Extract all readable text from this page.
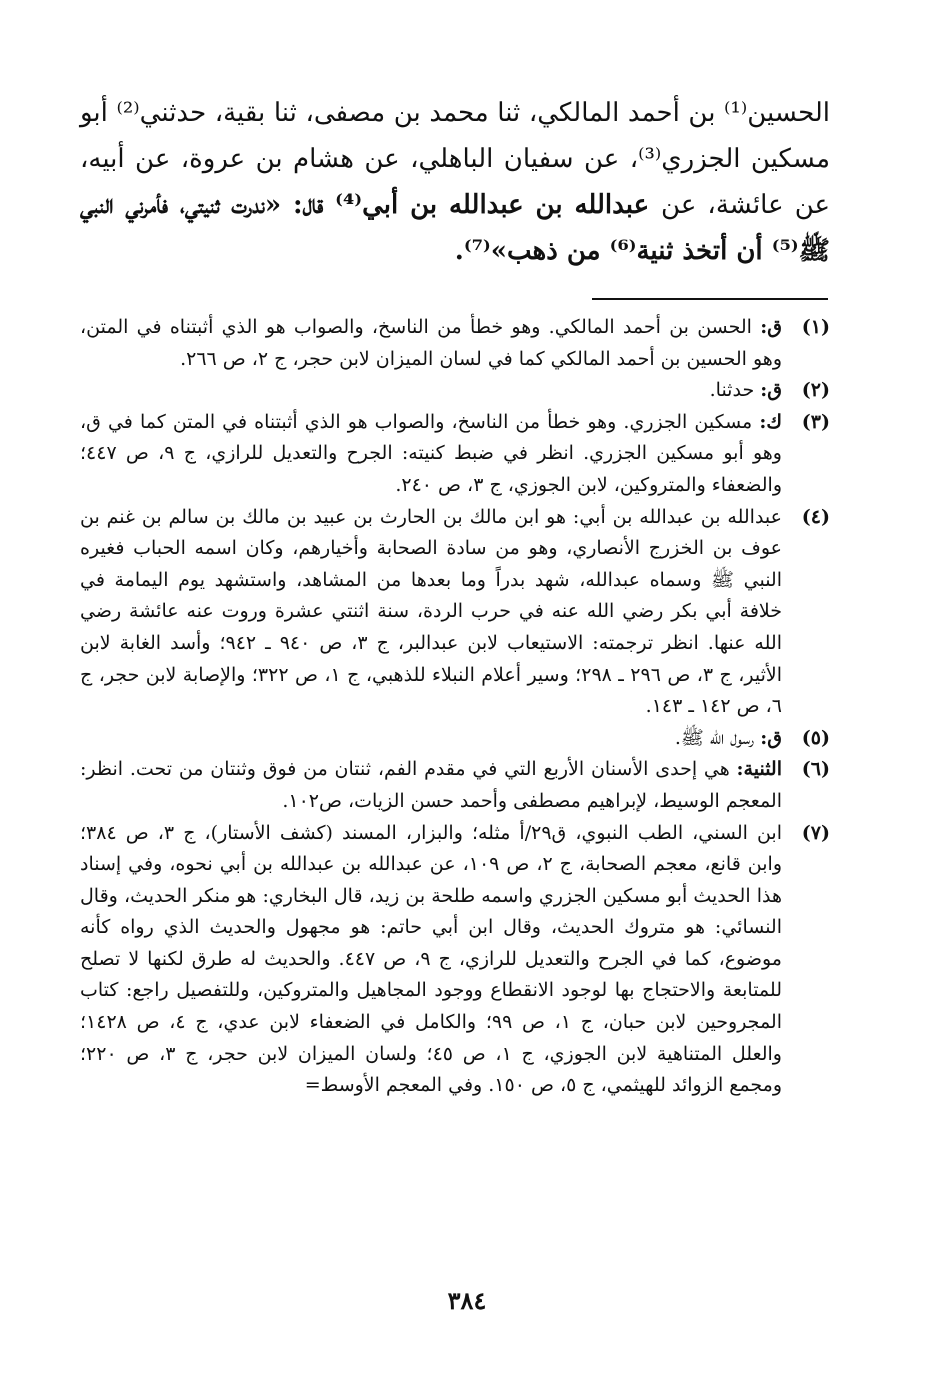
الحسين⁽¹⁾ بن أحمد المالكي، ثنا محمد بن مصفى، ثنا بقية، حدثني⁽²⁾ أبو مسكين الجزري⁽³⁾، عن سفيان الباهلي، عن هشام بن عروة، عن أبيه، عن عائشة، عن عبدالله بن عبدالله بن أبي⁽⁴⁾ قال: «ندرت ثنيتي، فأمرني النبي ﷺ⁽⁵⁾ أن أتخذ ثنية⁽⁶⁾ من ذهب»⁽⁷⁾.

(١)
ق: الحسن بن أحمد المالكي. وهو خطأ من الناسخ، والصواب هو الذي أثبتناه في المتن، وهو الحسين بن أحمد المالكي كما في لسان الميزان لابن حجر، ج ٢، ص ٢٦٦.
(٢)
ق: حدثنا.
(٣)
ك: مسكين الجزري. وهو خطأ من الناسخ، والصواب هو الذي أثبتناه في المتن كما في ق، وهو أبو مسكين الجزري. انظر في ضبط كنيته: الجرح والتعديل للرازي، ج ٩، ص ٤٤٧؛ والضعفاء والمتروكين، لابن الجوزي، ج ٣، ص ٢٤٠.
(٤)
عبدالله بن عبدالله بن أبي: هو ابن مالك بن الحارث بن عبيد بن مالك بن سالم بن غنم بن عوف بن الخزرج الأنصاري، وهو من سادة الصحابة وأخيارهم، وكان اسمه الحباب فغيره النبي ﷺ وسماه عبدالله، شهد بدراً وما بعدها من المشاهد، واستشهد يوم اليمامة في خلافة أبي بكر رضي الله عنه في حرب الردة، سنة اثنتي عشرة وروت عنه عائشة رضي الله عنها. انظر ترجمته: الاستيعاب لابن عبدالبر، ج ٣، ص ٩٤٠ ـ ٩٤٢؛ وأسد الغابة لابن الأثير، ج ٣، ص ٢٩٦ ـ ٢٩٨؛ وسير أعلام النبلاء للذهبي، ج ١، ص ٣٢٢؛ والإصابة لابن حجر، ج ٦، ص ١٤٢ ـ ١٤٣.
(٥)
ق: رسول الله ﷺ.
(٦)
الثنية: هي إحدى الأسنان الأربع التي في مقدم الفم، ثنتان من فوق وثنتان من تحت. انظر: المعجم الوسيط، لإبراهيم مصطفى وأحمد حسن الزيات، ص١٠٢.
(٧)
ابن السني، الطب النبوي، ق٢٩/أ مثله؛ والبزار، المسند (كشف الأستار)، ج ٣، ص ٣٨٤؛ وابن قانع، معجم الصحابة، ج ٢، ص ١٠٩، عن عبدالله بن عبدالله بن أبي نحوه، وفي إسناد هذا الحديث أبو مسكين الجزري واسمه طلحة بن زيد، قال البخاري: هو منكر الحديث، وقال النسائي: هو متروك الحديث، وقال ابن أبي حاتم: هو مجهول والحديث الذي رواه كأنه موضوع، كما في الجرح والتعديل للرازي، ج ٩، ص ٤٤٧. والحديث له طرق لكنها لا تصلح للمتابعة والاحتجاج بها لوجود الانقطاع ووجود المجاهيل والمتروكين، وللتفصيل راجع: كتاب المجروحين لابن حبان، ج ١، ص ٩٩؛ والكامل في الضعفاء لابن عدي، ج ٤، ص ١٤٢٨؛ والعلل المتناهية لابن الجوزي، ج ١، ص ٤٥؛ ولسان الميزان لابن حجر، ج ٣، ص ٢٢٠؛ ومجمع الزوائد للهيثمي، ج ٥، ص ١٥٠. وفي المعجم الأوسط=
٣٨٤
